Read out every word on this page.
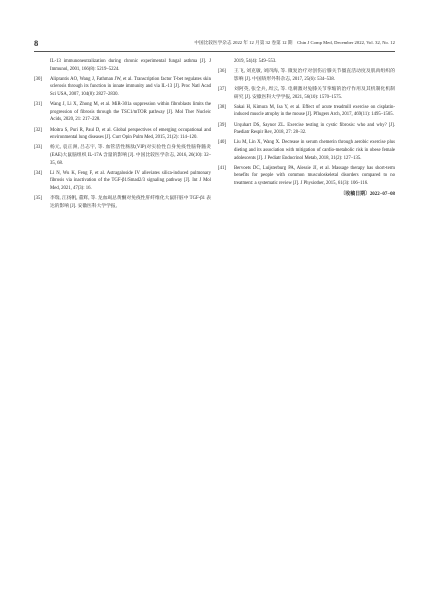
8	中国比较医学杂志 2022 年 12 月第 32 卷第 12 期　Chin J Comp Med, December 2022, Vol. 32, No. 12
IL-13 immunoneutralization during chronic experimental fungal asthma [J]. J Immunol, 2001, 166(8): 5219–5224.
[30] Aliprantis AO, Wang J, Fathman JW, et al. Transcription factor T-bet regulates skin sclerosis through its function in innate immunity and via IL-13 [J]. Proc Natl Acad Sci USA, 2007, 104(8): 2827–2830.
[31] Wang J, Li X, Zhong M, et al. MiR-301a suppression within fibroblasts limits the progression of fibrosis through the TSC1/mTOR pathway [J]. Mol Ther Nucleic Acids, 2020, 21: 217–228.
[32] Moitra S, Puri R, Paul D, et al. Global perspectives of emerging occupational and environmental lung diseases [J]. Curr Opin Pulm Med, 2015, 21(2): 114–120.
[33] 杨元, 袁正洲, 吕志宇, 等. 血管活性肠肽(VIP)对实验性自身免疫性脑脊髓炎(EAE)大鼠脑组织 IL-17A 含量的影响 [J]. 中国比较医学杂志, 2016, 26(10): 32–35, 68.
[34] Li N, Wu K, Feng F, et al. Astragaloside IV alleviates silica-induced pulmonary fibrosis via inactivation of the TGF-β1/Smad2/3 signaling pathway [J]. Int J Mol Med, 2021, 47(3): 16.
[35] 李瑞, 江扬帆, 董辉, 等. 龙血竭总黄酮对免疫性肝纤维化大鼠肝脏中 TGF-β1 表达的影响 [J]. 安徽医科大学学报,
2019, 54(4): 549–553.
[36] 王飞, 刘克敏, 刘四海, 等. 微复治疗对创伤后膝关节僵直活动度及肌肉组织的影响 [J]. 中国矫形外科杂志, 2017, 25(6): 534–538.
[37] 刘阿英, 张全兵, 周云, 等. 电刺激对兔膝关节挛缩的治疗作用及其机制化机制研究 [J]. 安徽医科大学学报, 2021, 56(10): 1570–1575.
[38] Sakai H, Kimura M, Isa Y, et al. Effect of acute treadmill exercise on cisplatin-induced muscle atrophy in the mouse [J]. Pflugers Arch, 2017, 469(11): 1495–1505.
[39] Urquhart DS, Saynor ZL. Exercise testing in cystic fibrosis: who and why? [J]. Paediatr Respir Rev, 2018, 27: 28–32.
[40] Liu M, Lin X, Wang X. Decrease in serum chemerin through aerobic exercise plus dieting and its association with mitigation of cardio-metabolic risk in obese female adolescents [J]. J Pediatr Endocrinol Metab, 2018, 31(2): 127–135.
[41] Bervoets DC, Luijsterburg PA, Alessie JJ, et al. Massage therapy has short-term benefits for people with common musculoskeletal disorders compared to no treatment: a systematic review [J]. J Physiother, 2015, 61(3): 106–116.
〔收稿日期〕2022−07−08
